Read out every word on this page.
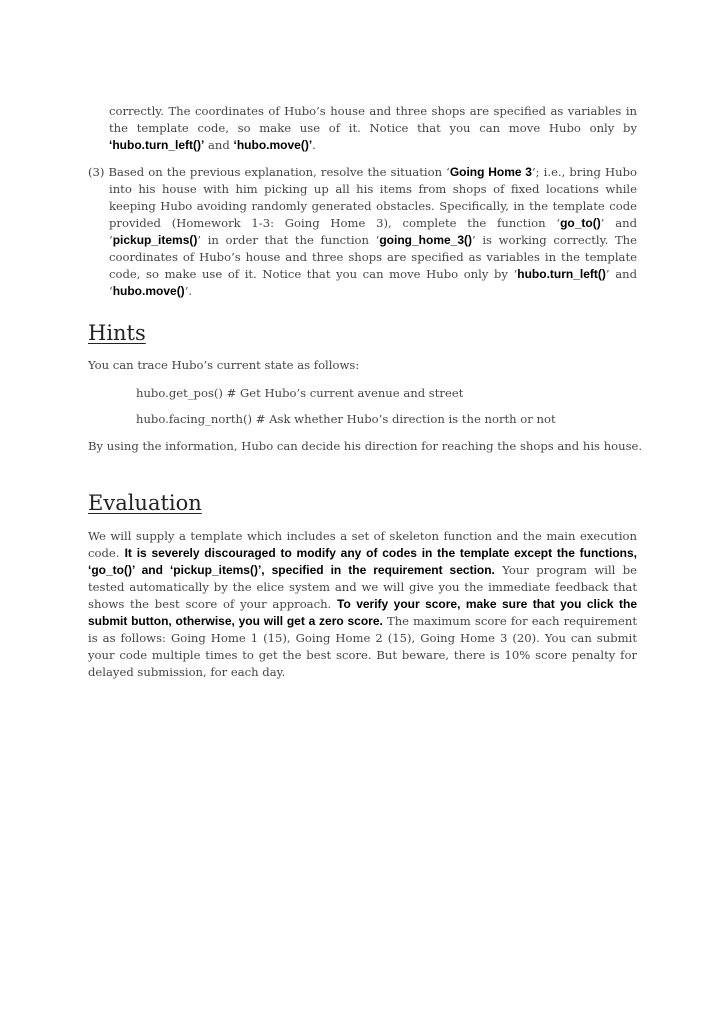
correctly. The coordinates of Hubo’s house and three shops are specified as variables in the template code, so make use of it. Notice that you can move Hubo only by ‘hubo.turn_left()’ and ‘hubo.move()’.

(3) Based on the previous explanation, resolve the situation ‘Going Home 3’; i.e., bring Hubo into his house with him picking up all his items from shops of fixed locations while keeping Hubo avoiding randomly generated obstacles. Specifically, in the template code provided (Homework 1-3: Going Home 3), complete the function ‘go_to()’ and ‘pickup_items()’ in order that the function ‘going_home_3()’ is working correctly. The coordinates of Hubo’s house and three shops are specified as variables in the template code, so make use of it. Notice that you can move Hubo only by ‘hubo.turn_left()’ and ‘hubo.move()’.

Hints

You can trace Hubo’s current state as follows:

hubo.get_pos() # Get Hubo’s current avenue and street

hubo.facing_north() # Ask whether Hubo’s direction is the north or not

By using the information, Hubo can decide his direction for reaching the shops and his house.

Evaluation

We will supply a template which includes a set of skeleton function and the main execution code. It is severely discouraged to modify any of codes in the template except the functions, ‘go_to()’ and ‘pickup_items()’, specified in the requirement section. Your program will be tested automatically by the elice system and we will give you the immediate feedback that shows the best score of your approach. To verify your score, make sure that you click the submit button, otherwise, you will get a zero score. The maximum score for each requirement is as follows: Going Home 1 (15), Going Home 2 (15), Going Home 3 (20). You can submit your code multiple times to get the best score. But beware, there is 10% score penalty for delayed submission, for each day.
